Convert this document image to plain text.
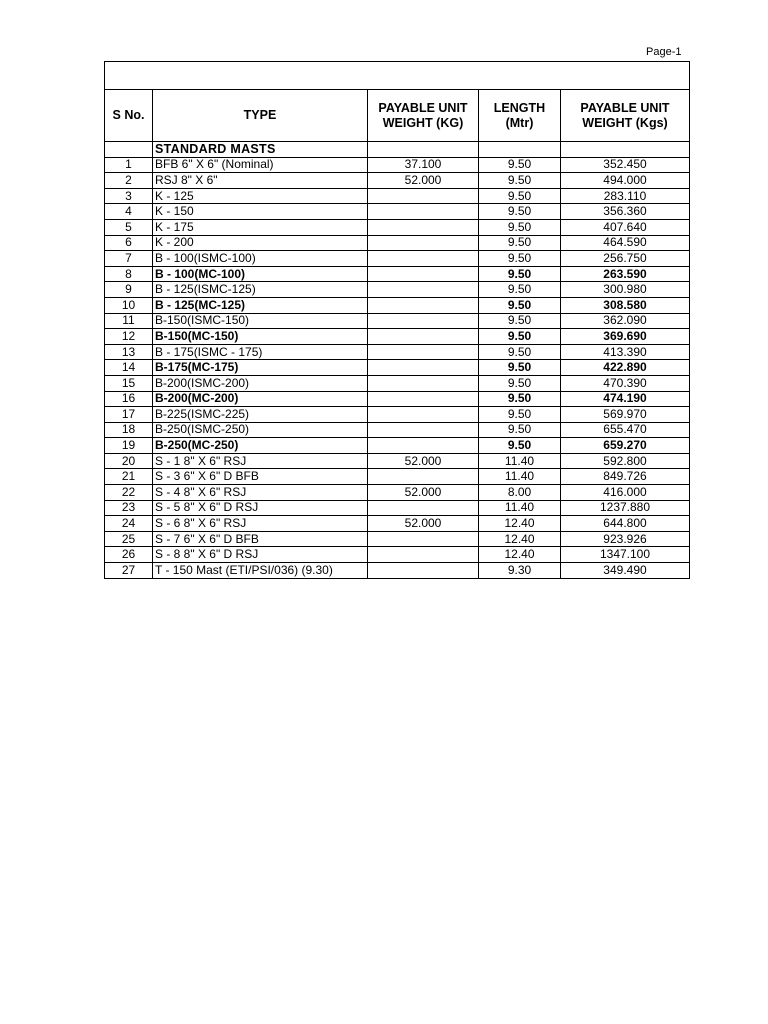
Page-1

S No.	TYPE	PAYABLE UNIT WEIGHT (KG)	LENGTH (Mtr)	PAYABLE UNIT WEIGHT (Kgs)
	STANDARD MASTS			
1	BFB 6" X 6" (Nominal)	37.100	9.50	352.450
2	RSJ 8" X 6"	52.000	9.50	494.000
3	K - 125		9.50	283.110
4	K - 150		9.50	356.360
5	K - 175		9.50	407.640
6	K - 200		9.50	464.590
7	B - 100(ISMC-100)		9.50	256.750
8	B - 100(MC-100)		9.50	263.590
9	B - 125(ISMC-125)		9.50	300.980
10	B - 125(MC-125)		9.50	308.580
11	B-150(ISMC-150)		9.50	362.090
12	B-150(MC-150)		9.50	369.690
13	B - 175(ISMC - 175)		9.50	413.390
14	B-175(MC-175)		9.50	422.890
15	B-200(ISMC-200)		9.50	470.390
16	B-200(MC-200)		9.50	474.190
17	B-225(ISMC-225)		9.50	569.970
18	B-250(ISMC-250)		9.50	655.470
19	B-250(MC-250)		9.50	659.270
20	S - 1 8" X 6" RSJ	52.000	11.40	592.800
21	S - 3 6" X 6" D BFB		11.40	849.726
22	S - 4 8" X 6" RSJ	52.000	8.00	416.000
23	S - 5 8" X 6" D RSJ		11.40	1237.880
24	S - 6 8" X 6" RSJ	52.000	12.40	644.800
25	S - 7 6" X 6" D BFB		12.40	923.926
26	S - 8 8" X 6" D RSJ		12.40	1347.100
27	T - 150 Mast (ETI/PSI/036) (9.30)		9.30	349.490
